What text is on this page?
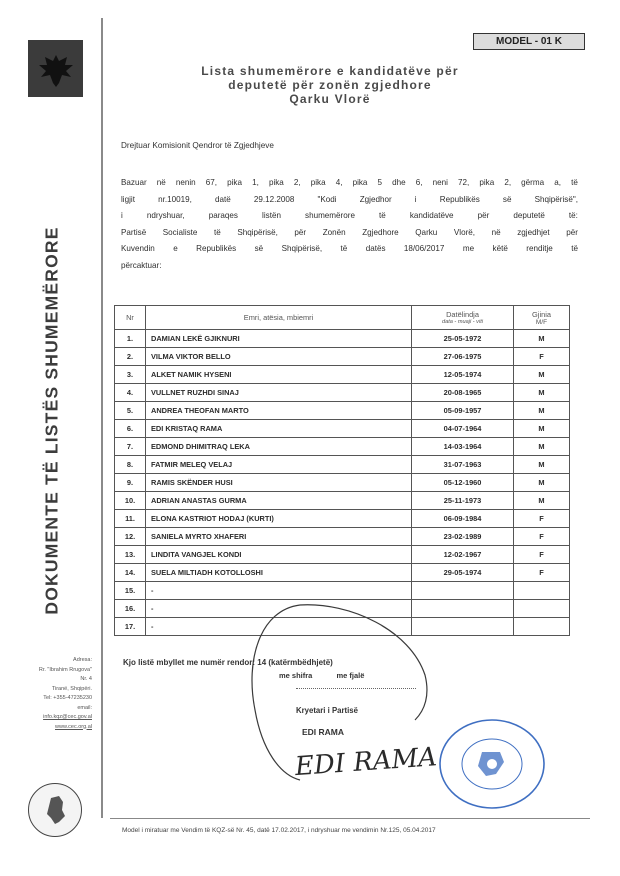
DOKUMENTE TË LISTËS SHUMEMËRORE
Adresa:
Rr. "Ibrahim Rrugova"
Nr. 4
Tiranë, Shqipëri.
Tel: +355-47235230
email:
info.kqz@cec.gov.al
www.cec.org.al
MODEL - 01 K
Lista shumemërore e kandidatëve për
deputetë për zonën zgjedhore
Qarku Vlorë
Drejtuar Komisionit Qendror të Zgjedhjeve
Bazuar në nenin 67, pika 1, pika 2, pika 4, pika 5 dhe 6, neni 72, pika 2, gërma a, të
ligjit	nr.10019,	datë	29.12.2008	"Kodi	Zgjedhor	i	Republikës	së	Shqipërisë",
i	ndryshuar,	paraqes	listën	shumemërore	të	kandidatëve	për	deputetë	të:
Partisë Socialiste të Shqipërisë, për Zonën Zgjedhore Qarku Vlorë, në zgjedhjet për
Kuvendin e Republikës së Shqipërisë, të datës 18/06/2017 me këtë renditje të
përcaktuar:
Nr	Emri, atësia, mbiemri	Datëlindja
data - muaji - viti	Gjinia
M/F

1.	DAMIAN LEKË GJIKNURI	25-05-1972	M
2.	VILMA VIKTOR BELLO	27-06-1975	F
3.	ALKET NAMIK HYSENI	12-05-1974	M
4.	VULLNET RUZHDI SINAJ	20-08-1965	M
5.	ANDREA THEOFAN MARTO	05-09-1957	M
6.	EDI KRISTAQ RAMA	04-07-1964	M
7.	EDMOND DHIMITRAQ LEKA	14-03-1964	M
8.	FATMIR MELEQ VELAJ	31-07-1963	M
9.	RAMIS SKËNDER HUSI	05-12-1960	M
10.	ADRIAN ANASTAS GURMA	25-11-1973	M
11.	ELONA KASTRIOT HODAJ (KURTI)	06-09-1984	F
12.	SANIELA MYRTO XHAFERI	23-02-1989	F
13.	LINDITA VANGJEL KONDI	12-02-1967	F
14.	SUELA MILTIADH KOTOLLOSHI	29-05-1974	F
15.	-		
16.	-		
17.	-		
Kjo listë mbyllet me numër rendor: 14 (katërmbëdhjetë)
me shifra	me fjalë
Kryetari i Partisë
EDI RAMA
EDI RAMA
Model i miratuar me Vendim të KQZ-së Nr. 45, datë 17.02.2017, i ndryshuar me vendimin Nr.125, 05.04.2017
